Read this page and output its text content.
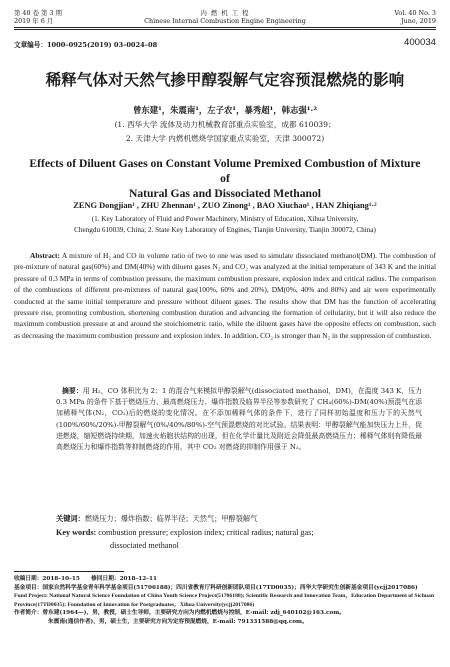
第 40 卷 第 3 期
2019 年 6 月
内 燃 机 工 程
Chinese Internal Combustion Engine Engineering
Vol. 40 No. 3
June, 2019
文章编号：1000–0925(2019) 03–0024–08	400034
稀释气体对天然气掺甲醇裂解气定容预混燃烧的影响
曾东建¹，朱震南¹，左子农¹，暴秀超¹，韩志强¹·²
(1. 西华大学 流体及动力机械教育部重点实验室，成都 610039；
2. 天津大学 内燃机燃烧学国家重点实验室，天津 300072)
Effects of Diluent Gases on Constant Volume Premixed Combustion of Mixture of
Natural Gas and Dissociated Methanol
ZENG Dongjian¹ , ZHU Zhennan¹ , ZUO Zinong¹ , BAO Xiuchao¹ , HAN Zhiqiang¹·²
(1. Key Laboratory of Fluid and Power Machinery, Ministry of Education, Xihua University,
Chengdu 610039, China; 2. State Key Laboratory of Engines, Tianjin University, Tianjin 300072, China)
Abstract: A mixture of H₂ and CO in volume ratio of two to one was used to simulate dissociated methanol(DM). The combustion of pre-mixture of natural gas(60%) and DM(40%) with diluent gases N₂ and CO₂ was analyzed at the initial temperature of 343 K and the initial pressure of 0.3 MPa in terms of combustion pressure, the maximum combustion pressure, explosion index and critical radius. The comparison of the combustions of different pre-mixtures of natural gas(100%, 60% and 20%), DM(0%, 40% and 80%) and air were experimentally conducted at the same initial temperature and pressure without diluent gases. The results show that DM has the function of accelerating pressure rise, promoting combustion, shortening combustion duration and advancing the formation of cellularity, but it will also reduce the maximum combustion pressure at and around the stoichiometric ratio, while the diluent gases have the opposite effects on combustion, such as decreasing the maximum combustion pressure and explosion index. In addition, CO₂ is stronger than N₂ in the suppression of combustion.
摘要：用 H₂，CO 体积比为 2：1 的混合气来模拟甲醇裂解气(dissociated methanol，DM)，在温度 343 K，压力 0.3 MPa 的条件下基于燃烧压力、最高燃烧压力、爆炸指数及临界半径等参数研究了 CH₄(60%)-DM(40%)预混气在添加稀释气体(N₂，CO₂)后的燃烧的变化情况。在不添加稀释气体的条件下，进行了同样初始温度和压力下的天然气(100%/60%/20%)-甲醇裂解气(0%/40%/80%)-空气预混燃烧的对比试验。结果表明：甲醇裂解气能加快压力上升，促进燃烧，缩短燃烧持续期，加速火焰胞状结构的出现，但在化学计量比及附近会降低最高燃烧压力；稀释气体则有降低最高燃烧压力和爆炸指数等抑制燃烧的作用，其中 CO₂ 对燃烧的抑制作用强于 N₂。
关键词：燃烧压力；爆炸指数；临界半径；天然气；甲醇裂解气
Key words: combustion pressure; explosion index; critical radius; natural gas;
dissociated methanol
收稿日期：2018–10–15　　修回日期：2018–12–11
基金项目：国家自然科学基金青年科学基金项目(51706188)；四川省教育厅科研创新团队项目(17TD0035)；西华大学研究生创新基金项目(ycjj2017086)
Fund Project: National Natural Science Foundation of China Youth Science Project(51706188); Scientific Research and Innovation Team，Education Department of Sichuan Province(17TD0035); Foundation of Innovation for Postgraduates，Xihua University(ycjj2017086)
作者简介：曾东建(1964—)，男，教授，硕士生导师，主要研究方向为内燃机燃烧与控制，E-mail: zdj_640102@163.com。
朱震南(通信作者)，男，硕士生，主要研究方向为定容预混燃烧，E-mail: 791331588@qq.com。
